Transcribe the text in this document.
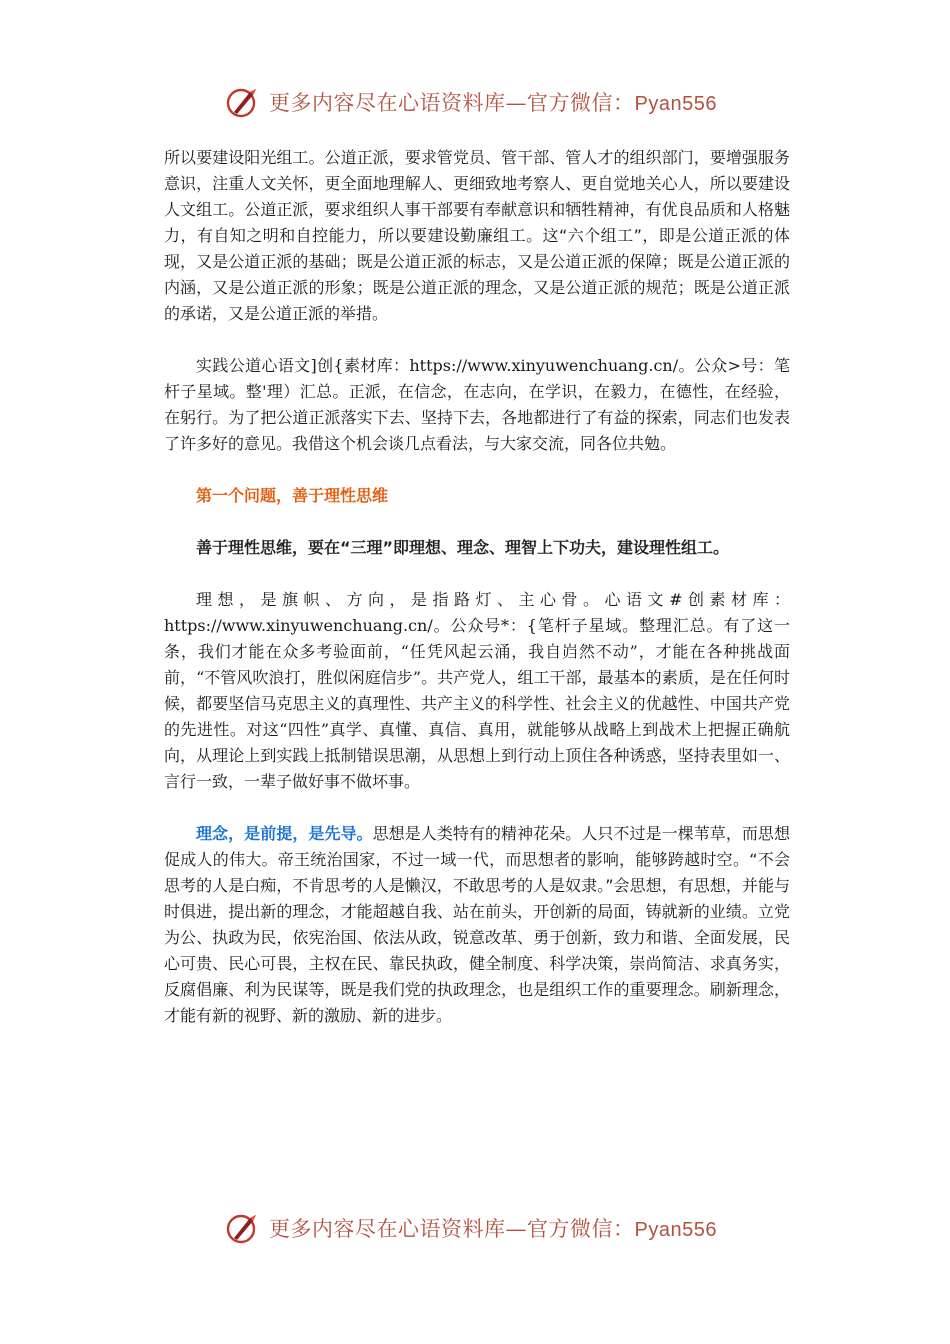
更多内容尽在心语资料库—官方微信：Pyan556

所以要建设阳光组工。公道正派，要求管党员、管干部、管人才的组织部门，要增强服务意识，注重人文关怀，更全面地理解人、更细致地考察人、更自觉地关心人，所以要建设人文组工。公道正派，要求组织人事干部要有奉献意识和牺牲精神，有优良品质和人格魅力，有自知之明和自控能力，所以要建设勤廉组工。这“六个组工”，即是公道正派的体现，又是公道正派的基础；既是公道正派的标志，又是公道正派的保障；既是公道正派的内涵，又是公道正派的形象；既是公道正派的理念，又是公道正派的规范；既是公道正派的承诺，又是公道正派的举措。

实践公道心语文]创{素材库：https://www.xinyuwenchuang.cn/。公众>号：笔杆子星域。整'理）汇总。正派，在信念，在志向，在学识，在毅力，在德性，在经验，在躬行。为了把公道正派落实下去、坚持下去，各地都进行了有益的探索，同志们也发表了许多好的意见。我借这个机会谈几点看法，与大家交流，同各位共勉。

第一个问题，善于理性思维

善于理性思维，要在“三理”即理想、理念、理智上下功夫，建设理性组工。

理想，是旗帜、方向，是指路灯、主心骨。心语文#创素材库：https://www.xinyuwenchuang.cn/。公众号*：{笔杆子星域。整理汇总。有了这一条，我们才能在众多考验面前，“任凭风起云涌，我自岿然不动”，才能在各种挑战面前，“不管风吹浪打，胜似闲庭信步”。共产党人，组工干部，最基本的素质，是在任何时候，都要坚信马克思主义的真理性、共产主义的科学性、社会主义的优越性、中国共产党的先进性。对这“四性”真学、真懂、真信、真用，就能够从战略上到战术上把握正确航向，从理论上到实践上抵制错误思潮，从思想上到行动上顶住各种诱惑，坚持表里如一、言行一致，一辈子做好事不做坏事。

理念，是前提，是先导。思想是人类特有的精神花朵。人只不过是一棵苇草，而思想促成人的伟大。帝王统治国家，不过一域一代，而思想者的影响，能够跨越时空。“不会思考的人是白痴，不肯思考的人是懒汉，不敢思考的人是奴隶。”会思想，有思想，并能与时俱进，提出新的理念，才能超越自我、站在前头，开创新的局面，铸就新的业绩。立党为公、执政为民，依宪治国、依法从政，锐意改革、勇于创新，致力和谐、全面发展，民心可贵、民心可畏，主权在民、靠民执政，健全制度、科学决策，崇尚简洁、求真务实，反腐倡廉、利为民谋等，既是我们党的执政理念，也是组织工作的重要理念。刷新理念，才能有新的视野、新的激励、新的进步。

更多内容尽在心语资料库—官方微信：Pyan556
